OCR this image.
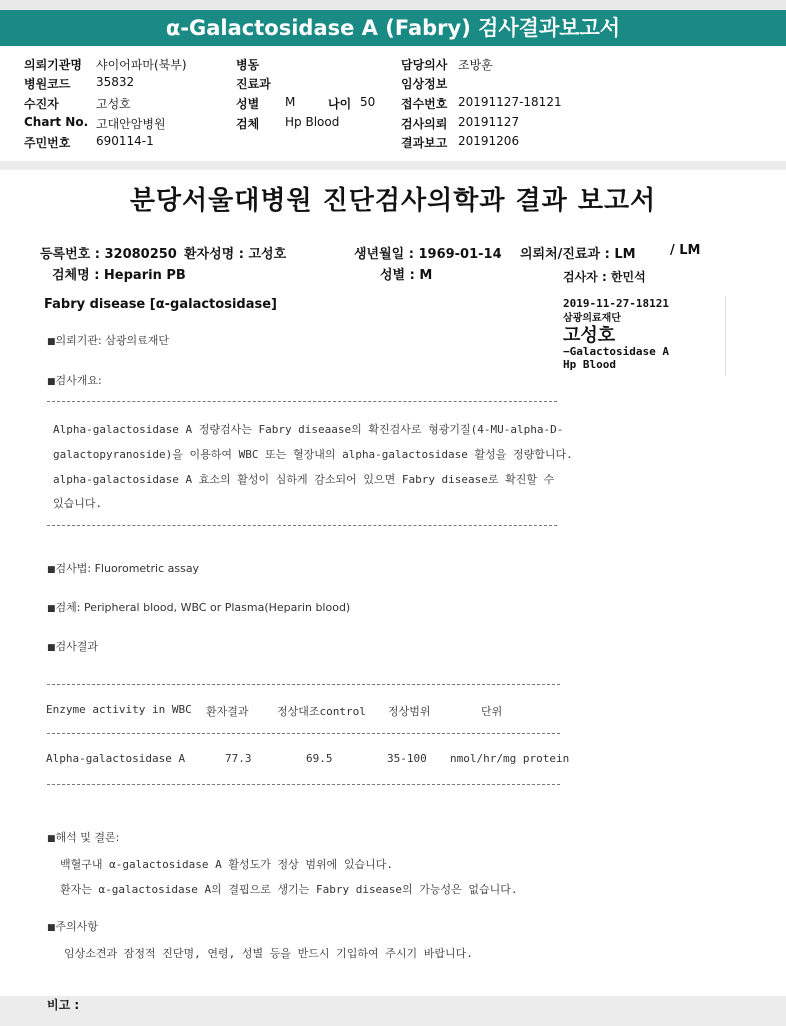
α-Galactosidase A (Fabry) 검사결과보고서
의뢰기관명 샤이어파마(북부)
병원코드 35832
수진자	고성호
Chart No. 고대안암병원
주민번호 690114-1
병동
진료과
성별 M	나이 50
검체 Hp Blood
담당의사 조방훈
임상정보
접수번호 20191127-18121
검사의뢰 20191127
결과보고 20191206
분당서울대병원 진단검사의학과 결과 보고서
등록번호 : 32080250 환자성명 : 고성호	생년월일 : 1969-01-14 의뢰처/진료과 : LM	/ LM
검체명 : Heparin PB	성별 : M	검사자 : 한민석
Fabry disease [α-galactosidase]	2019-11-27-18121
삼광의료재단
고성호
−Galactosidase A
Hp Blood
■의뢰기관: 삼광의료재단
■검사개요:
Alpha-galactosidase A 정량검사는 Fabry diseaase의 확진검사로 형광기질(4-MU-alpha-D-
galactopyranoside)을 이용하여 WBC 또는 혈장내의 alpha-galactosidase 활성을 정량합니다.
alpha-galactosidase A 효소의 활성이 심하게 감소되어 있으면 Fabry disease로 확진할 수
있습니다.
■검사법: Fluorometric assay
■검체: Peripheral blood, WBC or Plasma(Heparin blood)
■검사결과
Enzyme activity in WBC 환자결과	정상대조control 정상범위	단위
Alpha-galactosidase A	77.3	69.5	35-100 nmol/hr/mg protein
■해석 및 결론:
백혈구내 α-galactosidase A 활성도가 정상 범위에 있습니다.
환자는 α-galactosidase A의 결핍으로 생기는 Fabry disease의 가능성은 없습니다.
■주의사항
임상소견과 잠정적 진단명, 연령, 성별 등을 반드시 기입하여 주시기 바랍니다.
비고 :
